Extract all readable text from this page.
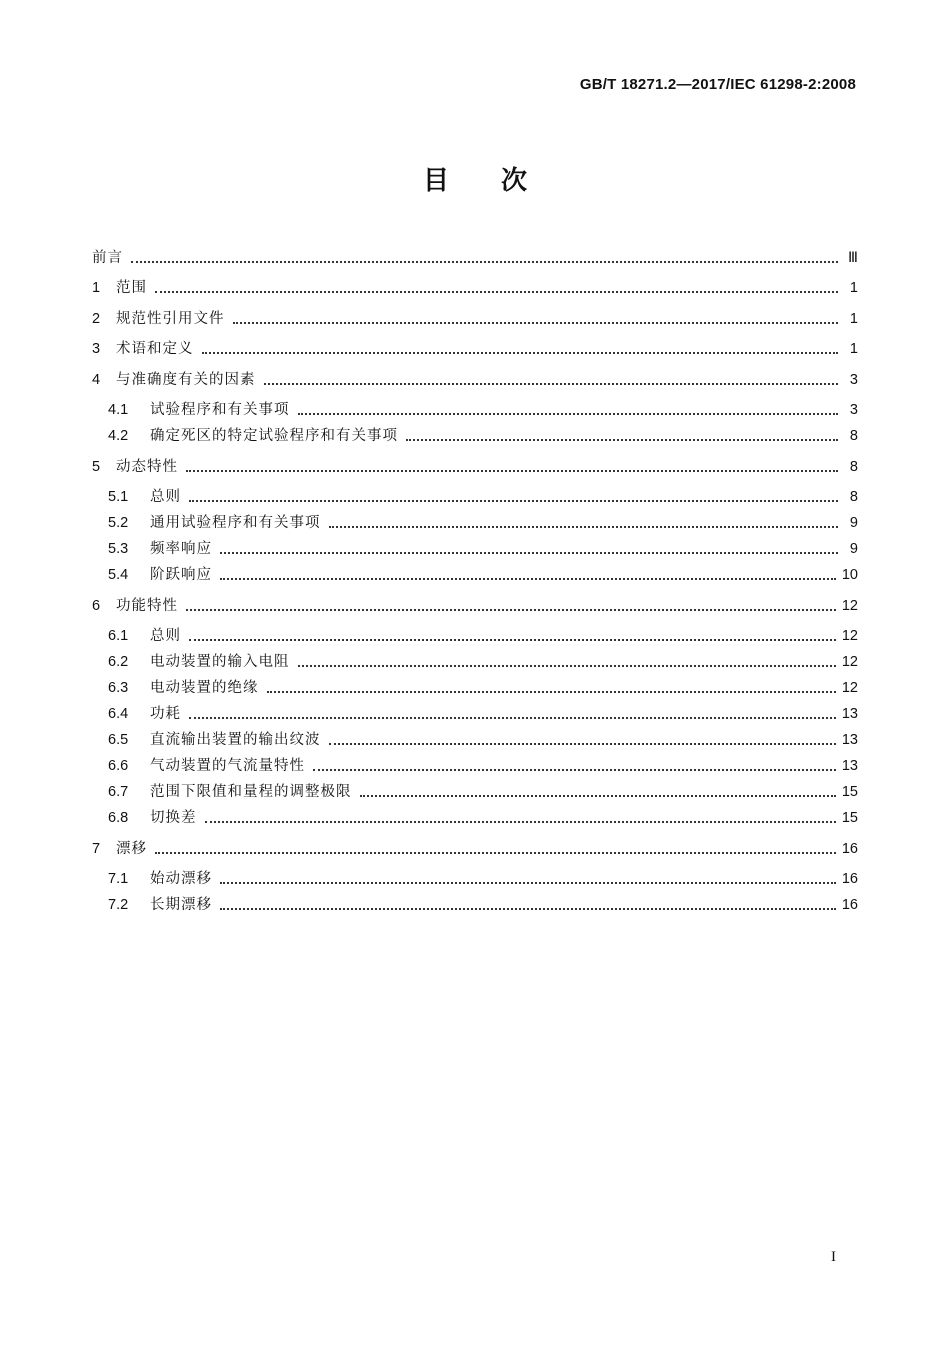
GB/T 18271.2—2017/IEC 61298-2:2008
目次
前言	Ⅲ
1	范围	1
2	规范性引用文件	1
3	术语和定义	1
4	与准确度有关的因素	3
4.1	试验程序和有关事项	3
4.2	确定死区的特定试验程序和有关事项	8
5	动态特性	8
5.1	总则	8
5.2	通用试验程序和有关事项	9
5.3	频率响应	9
5.4	阶跃响应	10
6	功能特性	12
6.1	总则	12
6.2	电动装置的输入电阻	12
6.3	电动装置的绝缘	12
6.4	功耗	13
6.5	直流输出装置的输出纹波	13
6.6	气动装置的气流量特性	13
6.7	范围下限值和量程的调整极限	15
6.8	切换差	15
7	漂移	16
7.1	始动漂移	16
7.2	长期漂移	16
I
